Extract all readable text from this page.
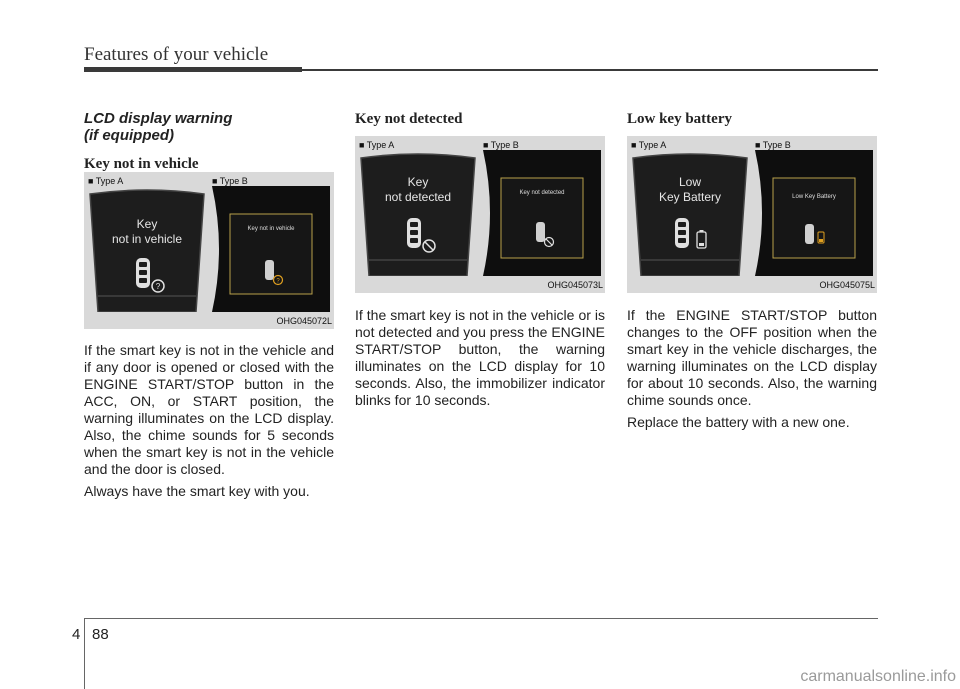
Features of your vehicle

LCD display warning

(if equipped)

Key not in vehicle

■ Type A	■ Type B
Key
not in vehicle
?
Key not in vehicle
?
OHG045072L

If the smart key is not in the vehicle and if any door is opened or closed with the ENGINE START/STOP button in the ACC, ON, or START position, the warning illuminates on the LCD display. Also, the chime sounds for 5 seconds when the smart key is not in the vehicle and the door is closed.

Always have the smart key with you.

Key not detected

■ Type A	■ Type B
Key
not detected	Key not detected
OHG045073L

If the smart key is not in the vehicle or is not detected and you press the ENGINE START/STOP button, the warning illuminates on the LCD display for 10 seconds. Also, the immobilizer indicator blinks for 10 seconds.

Low key battery

■ Type A	■ Type B
Low
Key Battery	Low Key Battery
OHG045075L

If the ENGINE START/STOP button changes to the OFF position when the smart key in the vehicle discharges, the warning illuminates on the LCD display for about 10 seconds. Also, the warning chime sounds once.

Replace the battery with a new one.

4 88
carmanualsonline.info
